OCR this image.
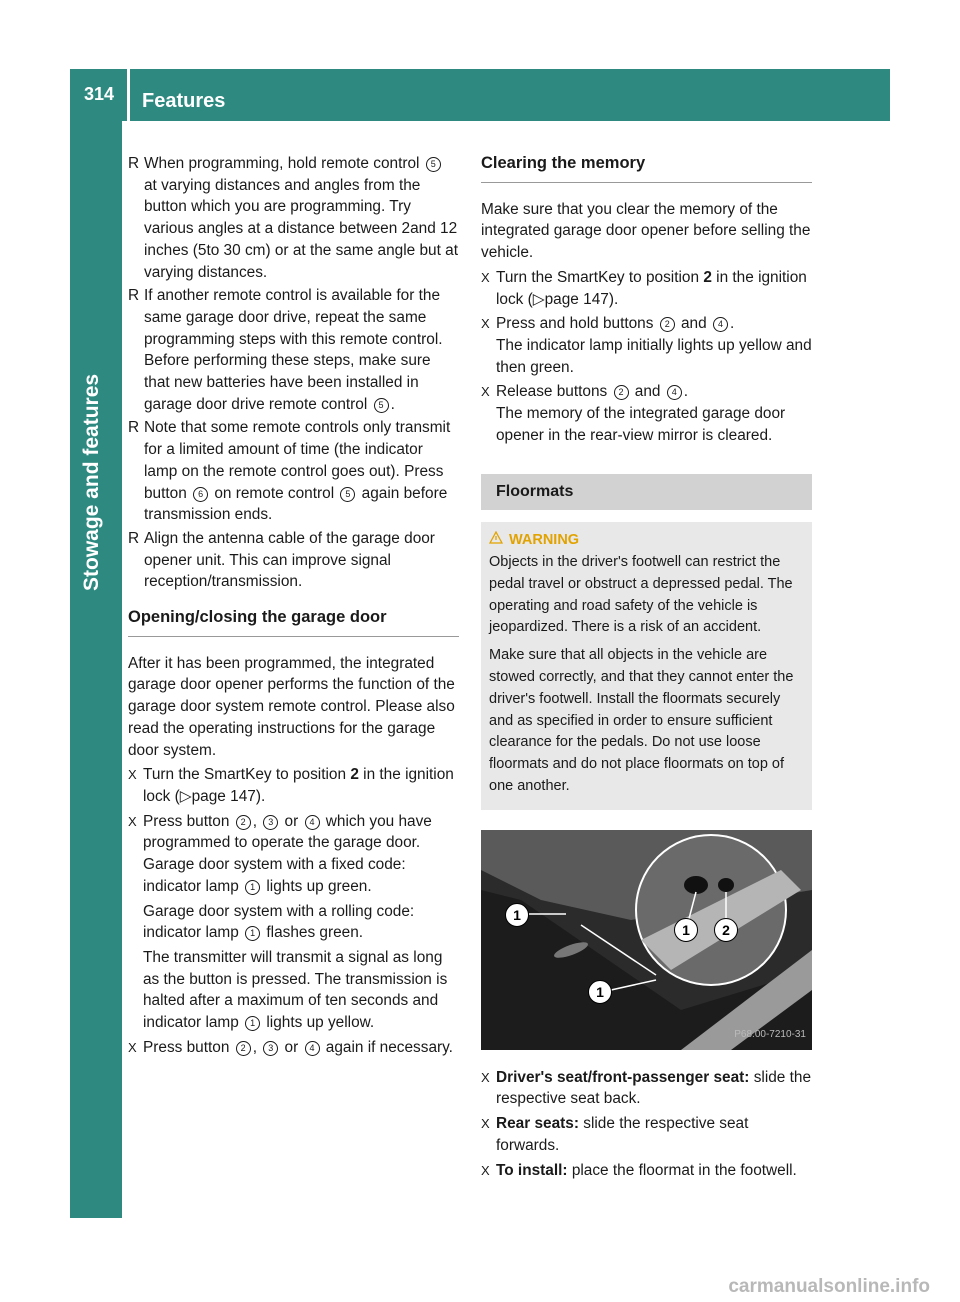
314 Features
Stowage and features
R When programming, hold remote control 5 at varying distances and angles from the button which you are programming. Try various angles at a distance between 2and 12 inches (5to 30 cm) or at the same angle but at varying distances.
R If another remote control is available for the same garage door drive, repeat the same programming steps with this remote control. Before performing these steps, make sure that new batteries have been installed in garage door drive remote control 5 .
R Note that some remote controls only transmit for a limited amount of time (the indicator lamp on the remote control goes out). Press button 6 on remote control 5 again before transmission ends.
R Align the antenna cable of the garage door opener unit. This can improve signal reception/transmission.
Opening/closing the garage door

After it has been programmed, the integrated garage door opener performs the function of the garage door system remote control. Please also read the operating instructions for the garage door system.

X Turn the SmartKey to position 2 in the ignition lock (▷page 147).
X Press button 2 , 3 or 4 which you have programmed to operate the garage door.

Garage door system with a fixed code: indicator lamp 1 lights up green.

Garage door system with a rolling code: indicator lamp 1 flashes green.

The transmitter will transmit a signal as long as the button is pressed. The transmission is halted after a maximum of ten seconds and indicator lamp 1 lights up yellow.

X Press button 2 , 3 or 4 again if necessary.
Clearing the memory

Make sure that you clear the memory of the integrated garage door opener before selling the vehicle.

X Turn the SmartKey to position 2 in the ignition lock (▷page 147).
X Press and hold buttons 2 and 4 .

The indicator lamp initially lights up yellow and then green.

X Release buttons 2 and 4 .

The memory of the integrated garage door opener in the rear-view mirror is cleared.

Floormats
WARNING

Objects in the driver's footwell can restrict the pedal travel or obstruct a depressed pedal. The operating and road safety of the vehicle is jeopardized. There is a risk of an accident.

Make sure that all objects in the vehicle are stowed correctly, and that they cannot enter the driver's footwell. Install the floormats securely and as specified in order to ensure sufficient clearance for the pedals. Do not use loose floormats and do not place floormats on top of one another.

1
1	2
1
P68.00-7210-31
X Driver's seat/front-passenger seat: slide the respective seat back.
X Rear seats: slide the respective seat forwards.
X To install: place the floormat in the footwell.
carmanualsonline.info
